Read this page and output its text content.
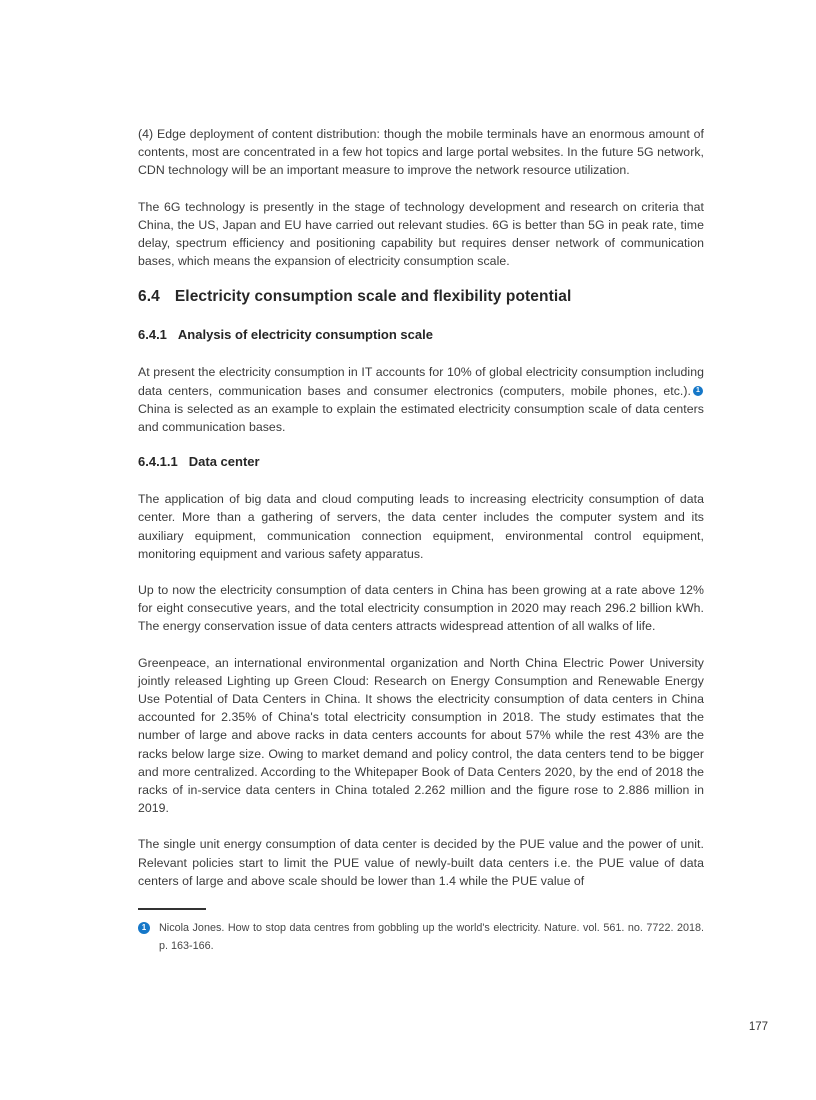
(4) Edge deployment of content distribution: though the mobile terminals have an enormous amount of contents, most are concentrated in a few hot topics and large portal websites. In the future 5G network, CDN technology will be an important measure to improve the network resource utilization.

The 6G technology is presently in the stage of technology development and research on criteria that China, the US, Japan and EU have carried out relevant studies. 6G is better than 5G in peak rate, time delay, spectrum efficiency and positioning capability but requires denser network of communication bases, which means the expansion of electricity consumption scale.

6.4 Electricity consumption scale and flexibility potential
6.4.1 Analysis of electricity consumption scale

At present the electricity consumption in IT accounts for 10% of global electricity consumption including data centers, communication bases and consumer electronics (computers, mobile phones, etc.). 1 China is selected as an example to explain the estimated electricity consumption scale of data centers and communication bases.

6.4.1.1 Data center

The application of big data and cloud computing leads to increasing electricity consumption of data center. More than a gathering of servers, the data center includes the computer system and its auxiliary equipment, communication connection equipment, environmental control equipment, monitoring equipment and various safety apparatus.

Up to now the electricity consumption of data centers in China has been growing at a rate above 12% for eight consecutive years, and the total electricity consumption in 2020 may reach 296.2 billion kWh. The energy conservation issue of data centers attracts widespread attention of all walks of life.

Greenpeace, an international environmental organization and North China Electric Power University jointly released Lighting up Green Cloud: Research on Energy Consumption and Renewable Energy Use Potential of Data Centers in China. It shows the electricity consumption of data centers in China accounted for 2.35% of China's total electricity consumption in 2018. The study estimates that the number of large and above racks in data centers accounts for about 57% while the rest 43% are the racks below large size. Owing to market demand and policy control, the data centers tend to be bigger and more centralized. According to the Whitepaper Book of Data Centers 2020, by the end of 2018 the racks of in-service data centers in China totaled 2.262 million and the figure rose to 2.886 million in 2019.

The single unit energy consumption of data center is decided by the PUE value and the power of unit. Relevant policies start to limit the PUE value of newly-built data centers i.e. the PUE value of data centers of large and above scale should be lower than 1.4 while the PUE value of

1	Nicola Jones. How to stop data centres from gobbling up the world's electricity. Nature. vol. 561. no. 7722. 2018. p. 163-166.
177
